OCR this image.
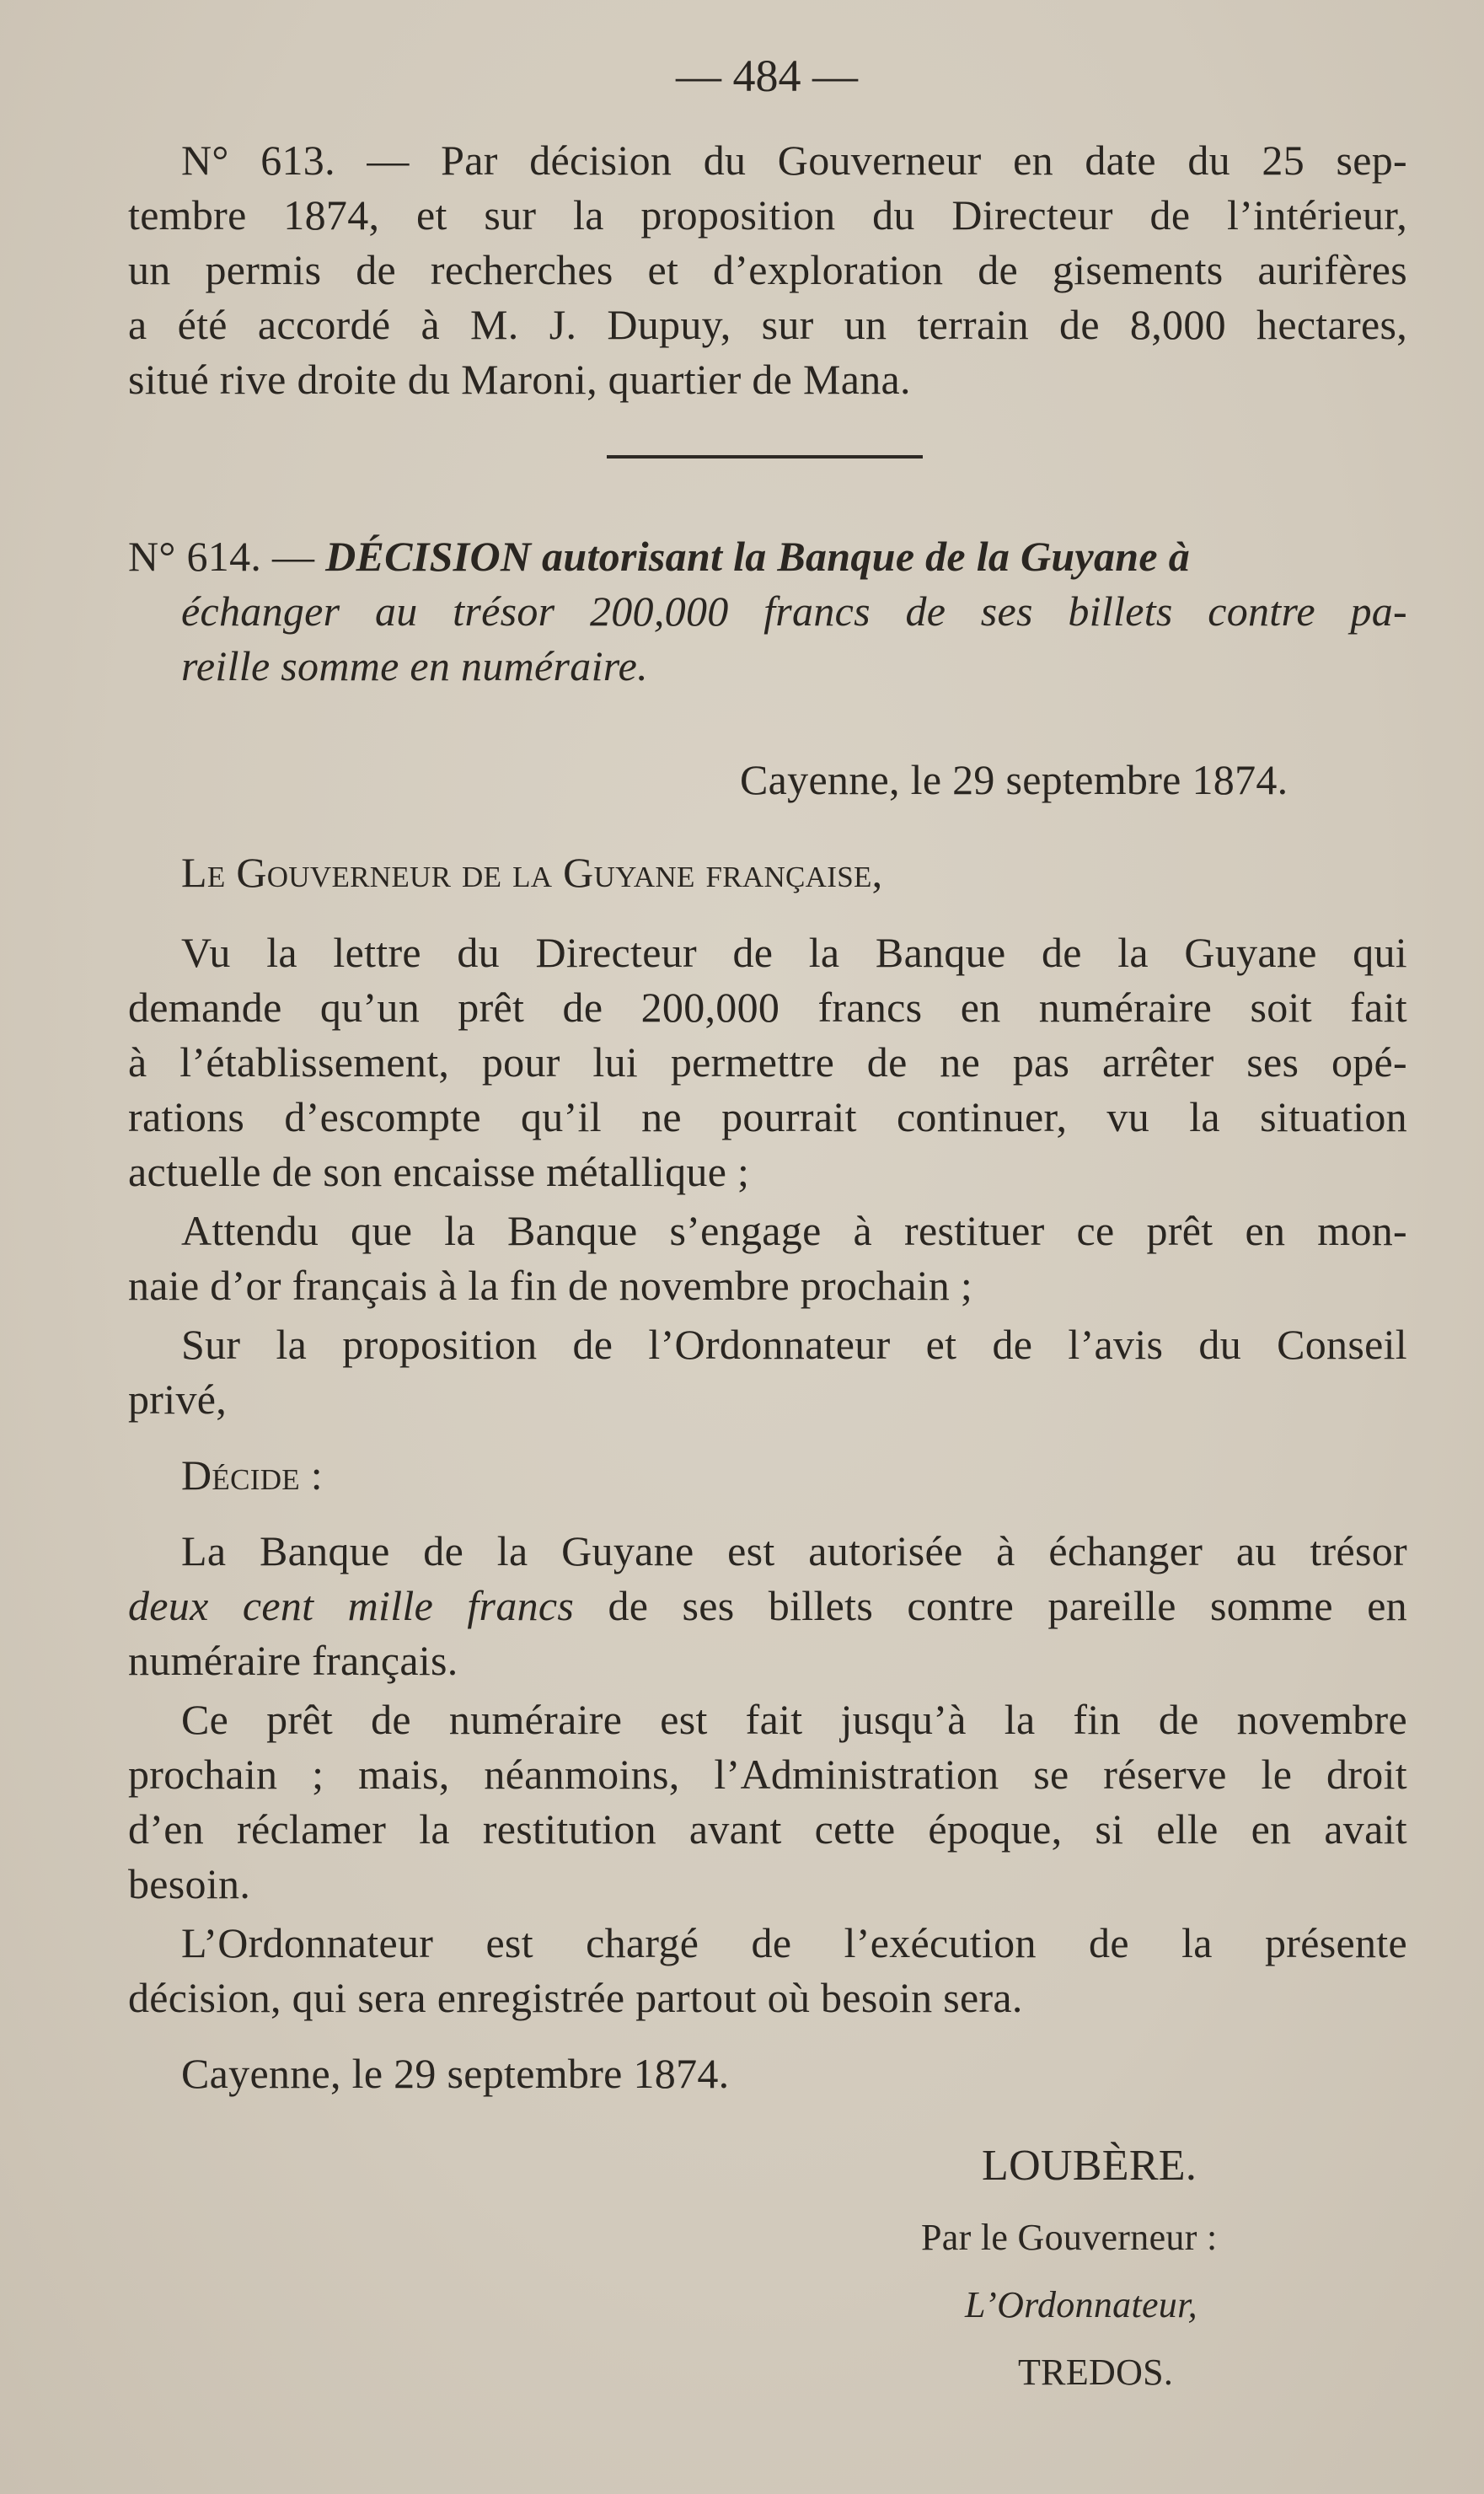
— 484 —
N° 613. — Par décision du Gouverneur en date du 25 sep-
tembre 1874, et sur la proposition du Directeur de l’intérieur,
un permis de recherches et d’exploration de gisements aurifères
a été accordé à M. J. Dupuy, sur un terrain de 8,000 hectares,
situé rive droite du Maroni, quartier de Mana.
N° 614. — DÉCISION autorisant la Banque de la Guyane à
échanger au trésor 200,000 francs de ses billets contre pa-
reille somme en numéraire.
Cayenne, le 29 septembre 1874.
Le Gouverneur de la Guyane française,
Vu la lettre du Directeur de la Banque de la Guyane qui
demande qu’un prêt de 200,000 francs en numéraire soit fait
à l’établissement, pour lui permettre de ne pas arrêter ses opé-
rations d’escompte qu’il ne pourrait continuer, vu la situation
actuelle de son encaisse métallique ;
Attendu que la Banque s’engage à restituer ce prêt en mon-
naie d’or français à la fin de novembre prochain ;
Sur la proposition de l’Ordonnateur et de l’avis du Conseil
privé,
Décide :
La Banque de la Guyane est autorisée à échanger au trésor
deux cent mille francs de ses billets contre pareille somme en
numéraire français.
Ce prêt de numéraire est fait jusqu’à la fin de novembre
prochain ; mais, néanmoins, l’Administration se réserve le droit
d’en réclamer la restitution avant cette époque, si elle en avait
besoin.
L’Ordonnateur est chargé de l’exécution de la présente
décision, qui sera enregistrée partout où besoin sera.
Cayenne, le 29 septembre 1874.
LOUBÈRE.
Par le Gouverneur :
L’Ordonnateur,
TREDOS.
